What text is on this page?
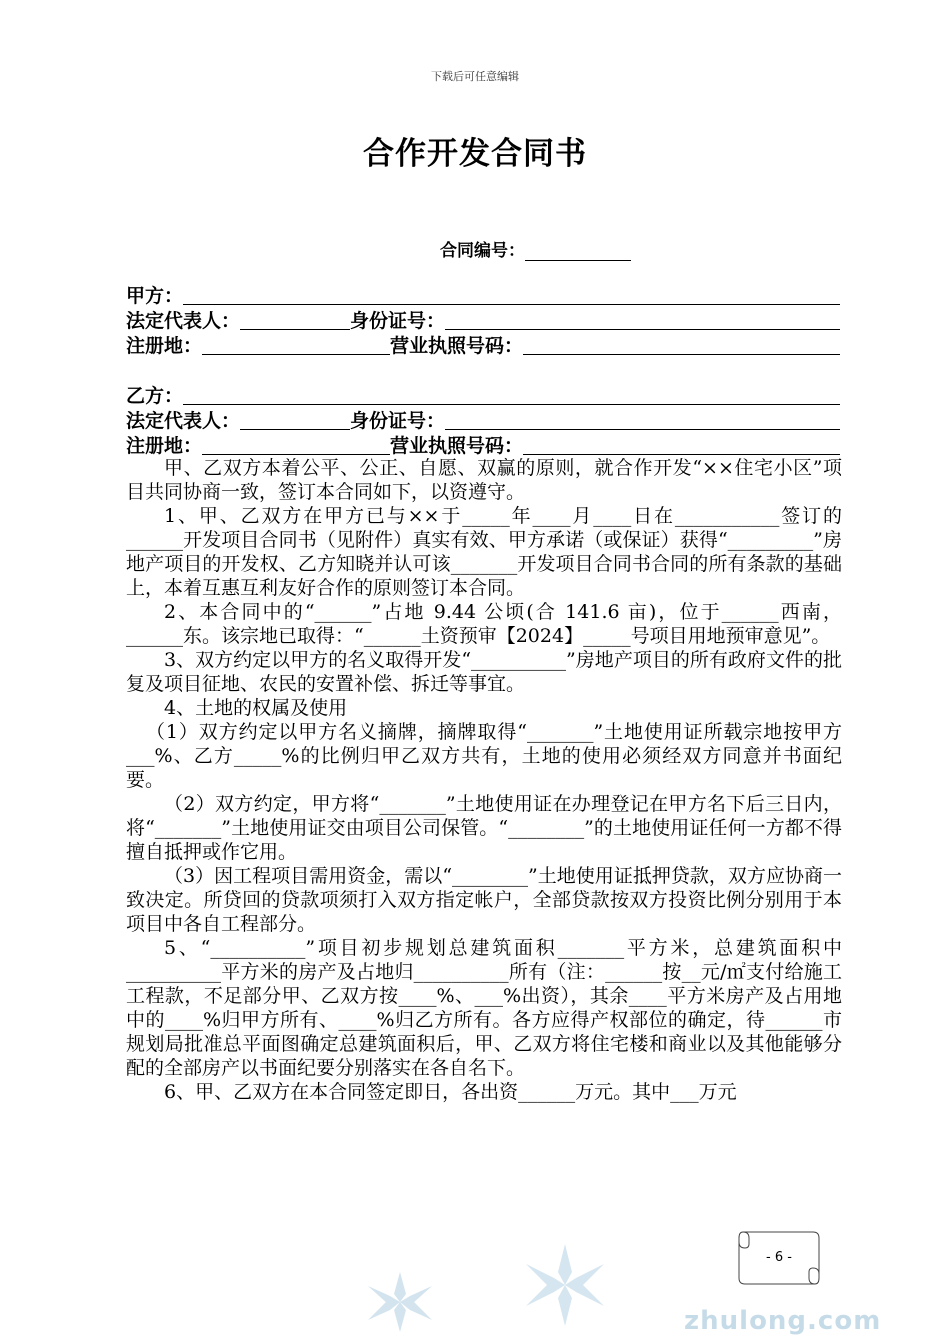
下载后可任意编辑
合作开发合同书
合同编号：
甲方：
法定代表人：	身份证号：
注册地：	营业执照号码：
乙方：
法定代表人：	身份证号：
注册地：	营业执照号码：

甲、乙双方本着公平、公正、自愿、双赢的原则，就合作开发“××住宅小区”项目共同协商一致，签订本合同如下，以资遵守。

1、甲、乙双方在甲方已与××于_____年____月____日在___________签订的______开发项目合同书（见附件）真实有效、甲方承诺（或保证）获得“_________”房地产项目的开发权、乙方知晓并认可该_______开发项目合同书合同的所有条款的基础上，本着互惠互利友好合作的原则签订本合同。

2、本合同中的“______”占地 9.44 公顷(合 141.6 亩)，位于______西南，______东。该宗地已取得：“______土资预审【2024】_____号项目用地预审意见”。

3、双方约定以甲方的名义取得开发“__________”房地产项目的所有政府文件的批复及项目征地、农民的安置补偿、拆迁等事宜。

4、土地的权属及使用

（1）双方约定以甲方名义摘牌，摘牌取得“_______”土地使用证所载宗地按甲方___%、乙方_____%的比例归甲乙双方共有，土地的使用必须经双方同意并书面纪要。

（2）双方约定，甲方将“_______”土地使用证在办理登记在甲方名下后三日内，将“_______”土地使用证交由项目公司保管。“________”的土地使用证任何一方都不得擅自抵押或作它用。

（3）因工程项目需用资金，需以“________”土地使用证抵押贷款，双方应协商一致决定。所贷回的贷款项须打入双方指定帐户，全部贷款按双方投资比例分别用于本项目中各自工程部分。

5、“__________”项目初步规划总建筑面积_______平方米，总建筑面积中__________平方米的房产及占地归__________所有（注：______按__元/㎡支付给施工工程款，不足部分甲、乙双方按____%、___%出资），其余____平方米房产及占用地中的____%归甲方所有、____%归乙方所有。各方应得产权部位的确定，待______市规划局批准总平面图确定总建筑面积后，甲、乙双方将住宅楼和商业以及其他能够分配的全部房产以书面纪要分别落实在各自名下。

6、甲、乙双方在本合同签定即日，各出资______万元。其中___万元

- 6 -
zhulong.com
